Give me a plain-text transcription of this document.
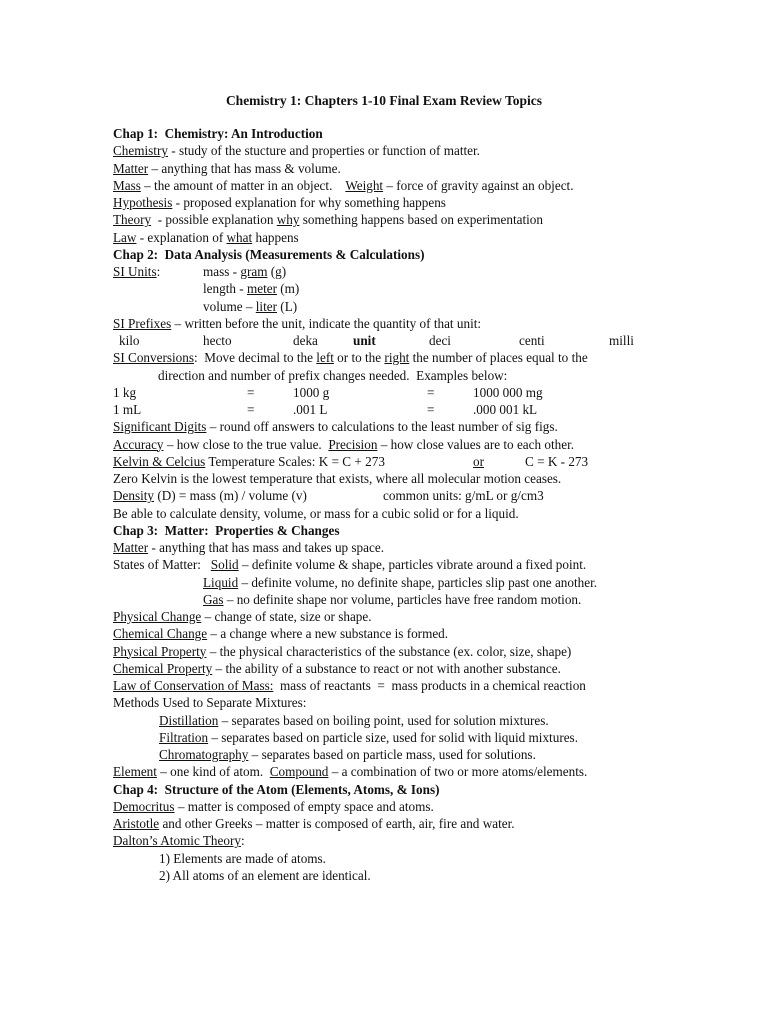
Chemistry 1: Chapters 1-10 Final Exam Review Topics
Chap 1:  Chemistry: An Introduction
Chemistry - study of the stucture and properties or function of matter.
Matter – anything that has mass & volume.
Mass – the amount of matter in an object.    Weight – force of gravity against an object.
Hypothesis - proposed explanation for why something happens
Theory  - possible explanation why something happens based on experimentation
Law - explanation of what happens
Chap 2:  Data Analysis (Measurements & Calculations)
SI Units:	mass - gram (g)
length - meter (m)
volume – liter (L)
SI Prefixes – written before the unit, indicate the quantity of that unit:
kilo	hecto	deka	unit	deci	centi	milli
SI Conversions:  Move decimal to the left or to the right the number of places equal to the
direction and number of prefix changes needed.  Examples below:
1 kg	=	1000 g	=	1000 000 mg
1 mL	=	.001 L	=	.000 001 kL
Significant Digits – round off answers to calculations to the least number of sig figs.
Accuracy – how close to the true value.  Precision – how close values are to each other.
Kelvin & Celcius Temperature Scales: K = C + 273	or	C = K - 273
Zero Kelvin is the lowest temperature that exists, where all molecular motion ceases.
Density (D) = mass (m) / volume (v)	common units: g/mL or g/cm3
Be able to calculate density, volume, or mass for a cubic solid or for a liquid.
Chap 3:  Matter:  Properties & Changes
Matter - anything that has mass and takes up space.
States of Matter:   Solid – definite volume & shape, particles vibrate around a fixed point.
Liquid – definite volume, no definite shape, particles slip past one another.
Gas – no definite shape nor volume, particles have free random motion.
Physical Change – change of state, size or shape.
Chemical Change – a change where a new substance is formed.
Physical Property – the physical characteristics of the substance (ex. color, size, shape)
Chemical Property – the ability of a substance to react or not with another substance.
Law of Conservation of Mass:  mass of reactants  =  mass products in a chemical reaction
Methods Used to Separate Mixtures:
Distillation – separates based on boiling point, used for solution mixtures.
Filtration – separates based on particle size, used for solid with liquid mixtures.
Chromatography – separates based on particle mass, used for solutions.
Element – one kind of atom.  Compound – a combination of two or more atoms/elements.
Chap 4:  Structure of the Atom (Elements, Atoms, & Ions)
Democritus – matter is composed of empty space and atoms.
Aristotle and other Greeks – matter is composed of earth, air, fire and water.
Dalton’s Atomic Theory:
1) Elements are made of atoms.
2) All atoms of an element are identical.
